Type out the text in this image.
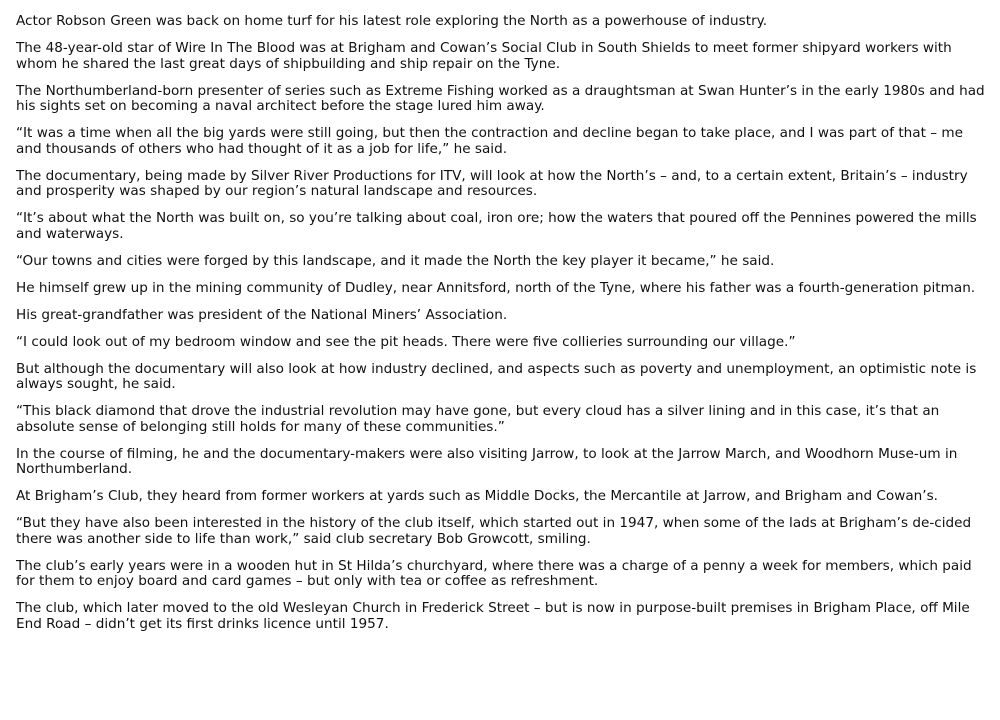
Actor Robson Green was back on home turf for his latest role exploring the North as a powerhouse of industry.

The 48-year-old star of Wire In The Blood was at Brigham and Cowan’s Social Club in South Shields to meet former shipyard workers with whom he shared the last great days of shipbuilding and ship repair on the Tyne.

The Northumberland-born presenter of series such as Extreme Fishing worked as a draughtsman at Swan Hunter’s in the early 1980s and had his sights set on becoming a naval architect before the stage lured him away.

“It was a time when all the big yards were still going, but then the contraction and decline began to take place, and I was part of that – me and thousands of others who had thought of it as a job for life,” he said.

The documentary, being made by Silver River Productions for ITV, will look at how the North’s – and, to a certain extent, Britain’s – industry and prosperity was shaped by our region’s natural landscape and resources.

“It’s about what the North was built on, so you’re talking about coal, iron ore; how the waters that poured off the Pennines powered the mills and waterways.

“Our towns and cities were forged by this landscape, and it made the North the key player it became,” he said.

He himself grew up in the mining community of Dudley, near Annitsford, north of the Tyne, where his father was a fourth-generation pitman.

His great-grandfather was president of the National Miners’ Association.

“I could look out of my bedroom window and see the pit heads. There were five collieries surrounding our village.”

But although the documentary will also look at how industry declined, and aspects such as poverty and unemployment, an optimistic note is always sought, he said.

“This black diamond that drove the industrial revolution may have gone, but every cloud has a silver lining and in this case, it’s that an absolute sense of belonging still holds for many of these communities.”

In the course of filming, he and the documentary-makers were also visiting Jarrow, to look at the Jarrow March, and Woodhorn Muse-um in Northumberland.

At Brigham’s Club, they heard from former workers at yards such as Middle Docks, the Mercantile at Jarrow, and Brigham and Cowan’s.

“But they have also been interested in the history of the club itself, which started out in 1947, when some of the lads at Brigham’s de-cided there was another side to life than work,” said club secretary Bob Growcott, smiling.

The club’s early years were in a wooden hut in St Hilda’s churchyard, where there was a charge of a penny a week for members, which paid for them to enjoy board and card games – but only with tea or coffee as refreshment.

The club, which later moved to the old Wesleyan Church in Frederick Street – but is now in purpose-built premises in Brigham Place, off Mile End Road – didn’t get its first drinks licence until 1957.
